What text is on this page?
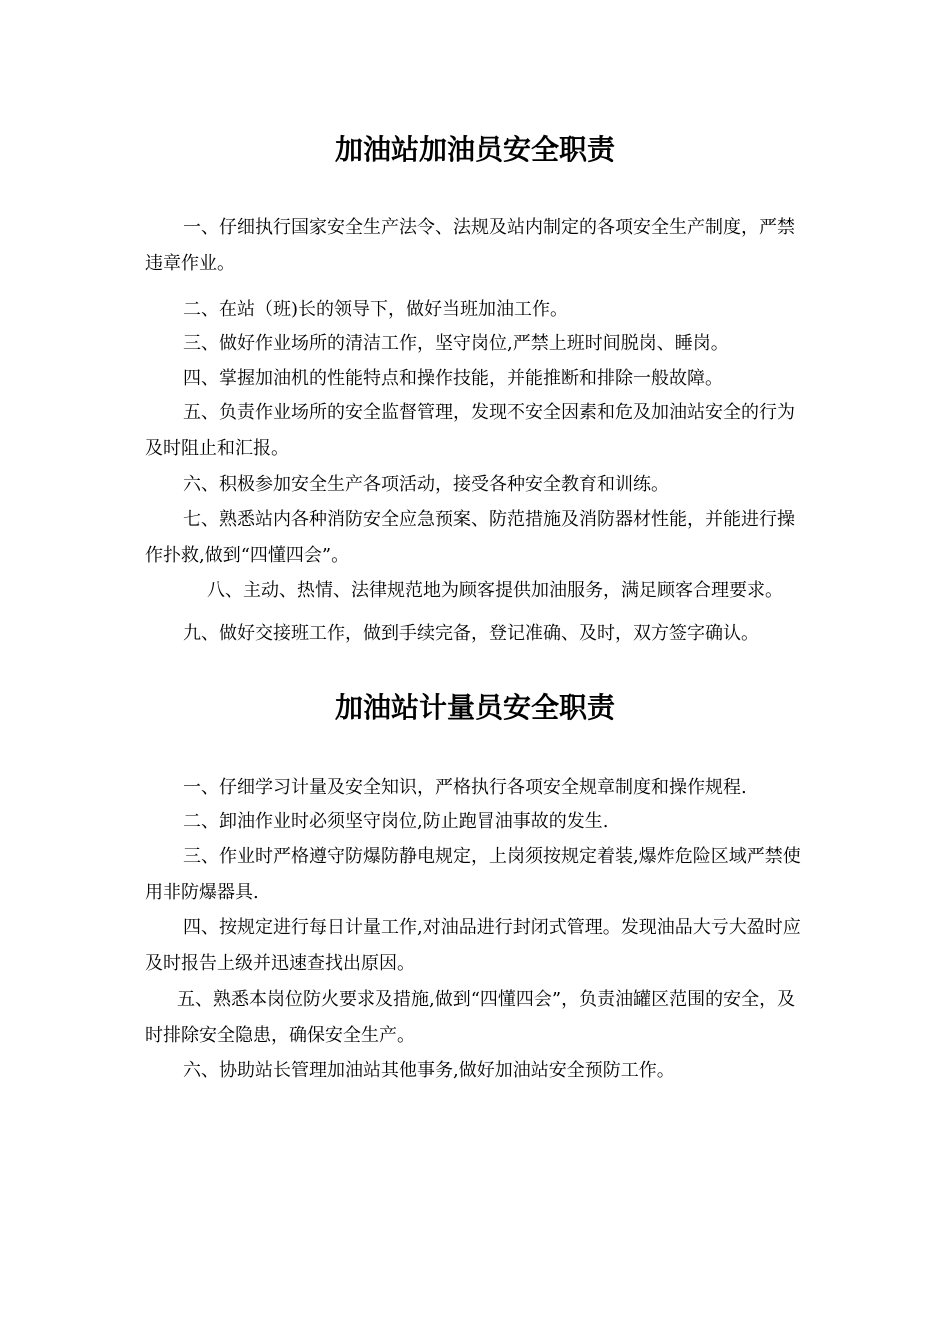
加油站加油员安全职责
一、仔细执行国家安全生产法令、法规及站内制定的各项安全生产制度，严禁违章作业。
二、在站（班)长的领导下，做好当班加油工作。
三、做好作业场所的清洁工作，坚守岗位,严禁上班时间脱岗、睡岗。
四、掌握加油机的性能特点和操作技能，并能推断和排除一般故障。
五、负责作业场所的安全监督管理，发现不安全因素和危及加油站安全的行为及时阻止和汇报。
六、积极参加安全生产各项活动，接受各种安全教育和训练。
七、熟悉站内各种消防安全应急预案、防范措施及消防器材性能，并能进行操作扑救,做到“四懂四会”。
八、主动、热情、法律规范地为顾客提供加油服务，满足顾客合理要求。
九、做好交接班工作，做到手续完备，登记准确、及时，双方签字确认。
加油站计量员安全职责
一、仔细学习计量及安全知识，严格执行各项安全规章制度和操作规程.
二、卸油作业时必须坚守岗位,防止跑冒油事故的发生.
三、作业时严格遵守防爆防静电规定，上岗须按规定着装,爆炸危险区域严禁使用非防爆器具.
四、按规定进行每日计量工作,对油品进行封闭式管理。发现油品大亏大盈时应及时报告上级并迅速查找出原因。
五、熟悉本岗位防火要求及措施,做到“四懂四会”，负责油罐区范围的安全，及时排除安全隐患，确保安全生产。
六、协助站长管理加油站其他事务,做好加油站安全预防工作。
